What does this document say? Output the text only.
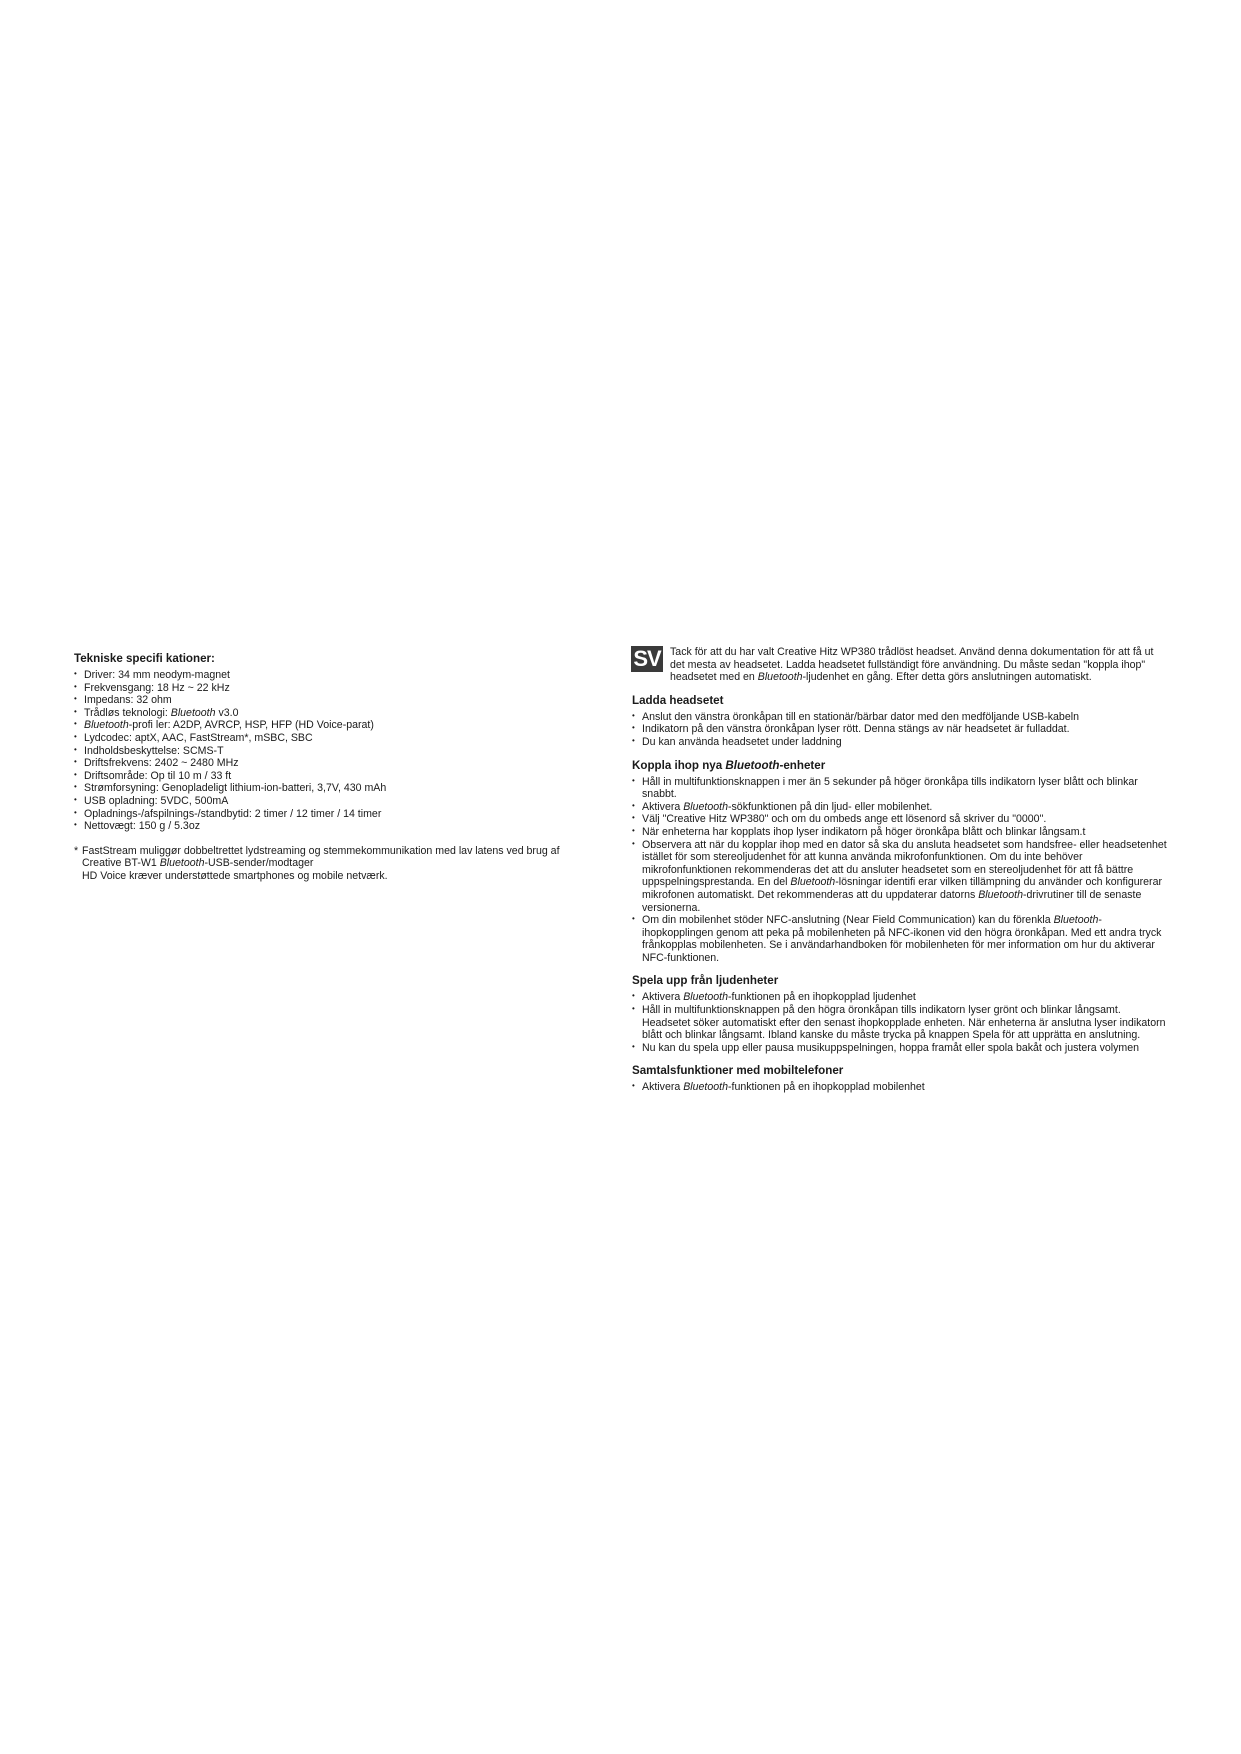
Tekniske specifi kationer:
• Driver: 34 mm neodym-magnet
• Frekvensgang: 18 Hz ~ 22 kHz
• Impedans: 32 ohm
• Trådløs teknologi: Bluetooth v3.0
• Bluetooth-profi ler: A2DP, AVRCP, HSP, HFP (HD Voice-parat)
• Lydcodec: aptX, AAC, FastStream*, mSBC, SBC
• Indholdsbeskyttelse: SCMS-T
• Driftsfrekvens: 2402 ~ 2480 MHz
• Driftsområde: Op til 10 m / 33 ft
• Strømforsyning: Genopladeligt lithium-ion-batteri, 3,7V, 430 mAh
• USB opladning: 5VDC, 500mA
• Opladnings-/afspilnings-/standbytid: 2 timer / 12 timer / 14 timer
• Nettovægt: 150 g / 5.3oz
* FastStream muliggør dobbeltrettet lydstreaming og stemmekommunikation med lav latens ved brug af
Creative BT-W1 Bluetooth-USB-sender/modtager
HD Voice kræver understøttede smartphones og mobile netværk.
SV Tack för att du har valt Creative Hitz WP380 trådlöst headset. Använd denna dokumentation för att få ut det mesta av headsetet. Ladda headsetet fullständigt före användning. Du måste sedan "koppla ihop" headsetet med en Bluetooth-ljudenhet en gång. Efter detta görs anslutningen automatiskt.
Ladda headsetet
• Anslut den vänstra öronkåpan till en stationär/bärbar dator med den medföljande USB-kabeln
• Indikatorn på den vänstra öronkåpan lyser rött. Denna stängs av när headsetet är fulladdat.
• Du kan använda headsetet under laddning
Koppla ihop nya Bluetooth-enheter
• Håll in multifunktionsknappen i mer än 5 sekunder på höger öronkåpa tills indikatorn lyser blått och blinkar snabbt.
• Aktivera Bluetooth-sökfunktionen på din ljud- eller mobilenhet.
• Välj "Creative Hitz WP380" och om du ombeds ange ett lösenord så skriver du "0000".
• När enheterna har kopplats ihop lyser indikatorn på höger öronkåpa blått och blinkar långsam.t
• Observera att när du kopplar ihop med en dator så ska du ansluta headsetet som handsfree- eller headsetenhet istället för som stereoljudenhet för att kunna använda mikrofonfunktionen. Om du inte behöver mikrofonfunktionen rekommenderas det att du ansluter headsetet som en stereoljudenhet för att få bättre uppspelningsprestanda. En del Bluetooth-lösningar identifi erar vilken tillämpning du använder och konfigurerar mikrofonen automatiskt. Det rekommenderas att du uppdaterar datorns Bluetooth-drivrutiner till de senaste versionerna.
• Om din mobilenhet stöder NFC-anslutning (Near Field Communication) kan du förenkla Bluetooth-ihopkopplingen genom att peka på mobilenheten på NFC-ikonen vid den högra öronkåpan. Med ett andra tryck frånkopplas mobilenheten. Se i användarhandboken för mobilenheten för mer information om hur du aktiverar NFC-funktionen.
Spela upp från ljudenheter
• Aktivera Bluetooth-funktionen på en ihopkopplad ljudenhet
• Håll in multifunktionsknappen på den högra öronkåpan tills indikatorn lyser grönt och blinkar långsamt. Headsetet söker automatiskt efter den senast ihopkopplade enheten. När enheterna är anslutna lyser indikatorn blått och blinkar långsamt. Ibland kanske du måste trycka på knappen Spela för att upprätta en anslutning.
• Nu kan du spela upp eller pausa musikuppspelningen, hoppa framåt eller spola bakåt och justera volymen
Samtalsfunktioner med mobiltelefoner
• Aktivera Bluetooth-funktionen på en ihopkopplad mobilenhet
